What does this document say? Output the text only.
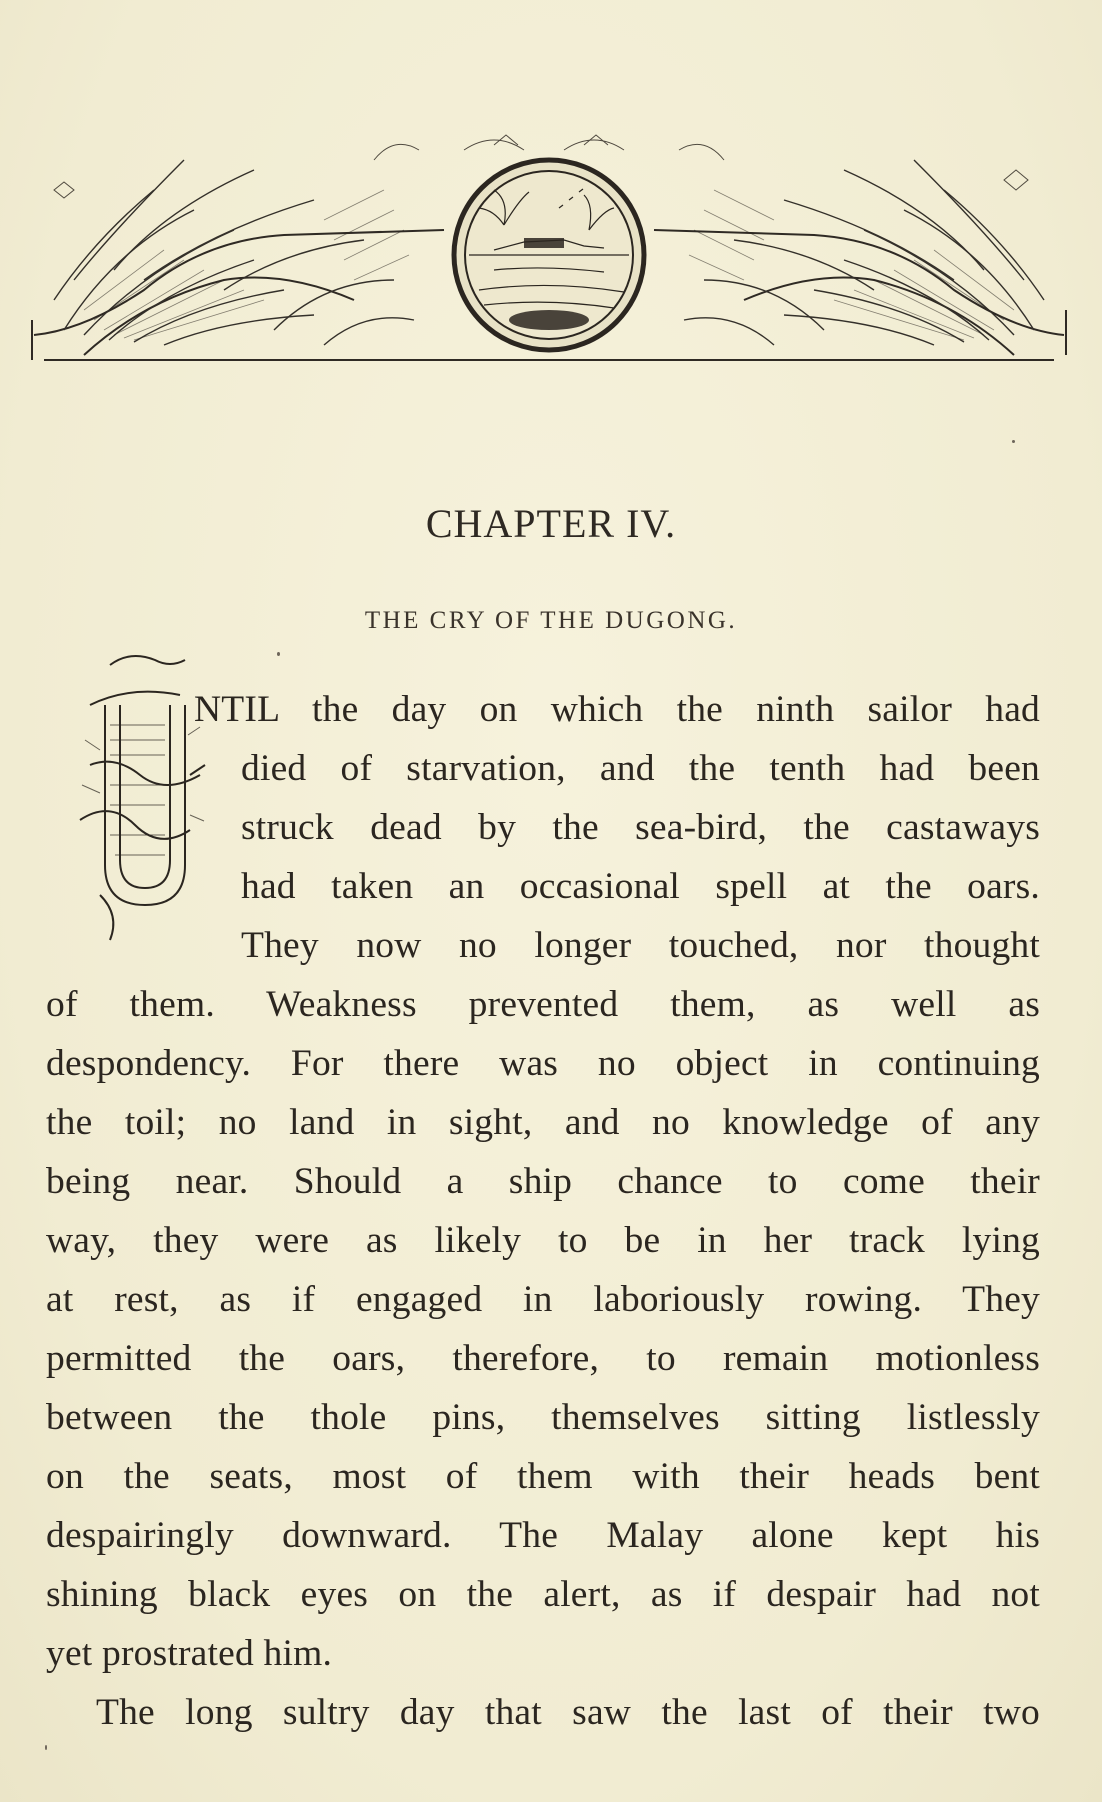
CHAPTER IV.
THE CRY OF THE DUGONG.
NTIL the day on which the ninth sailor had
died of starvation, and the tenth had been
struck dead by the sea-bird, the castaways
had taken an occasional spell at the oars.
They now no longer touched, nor thought
of them. Weakness prevented them, as well as
despondency. For there was no object in continuing
the toil; no land in sight, and no knowledge of any
being near. Should a ship chance to come their
way, they were as likely to be in her track lying
at rest, as if engaged in laboriously rowing. They
permitted the oars, therefore, to remain motionless
between the thole pins, themselves sitting listlessly
on the seats, most of them with their heads bent
despairingly downward. The Malay alone kept his
shining black eyes on the alert, as if despair had not
yet prostrated him.
The long sultry day that saw the last of their two
